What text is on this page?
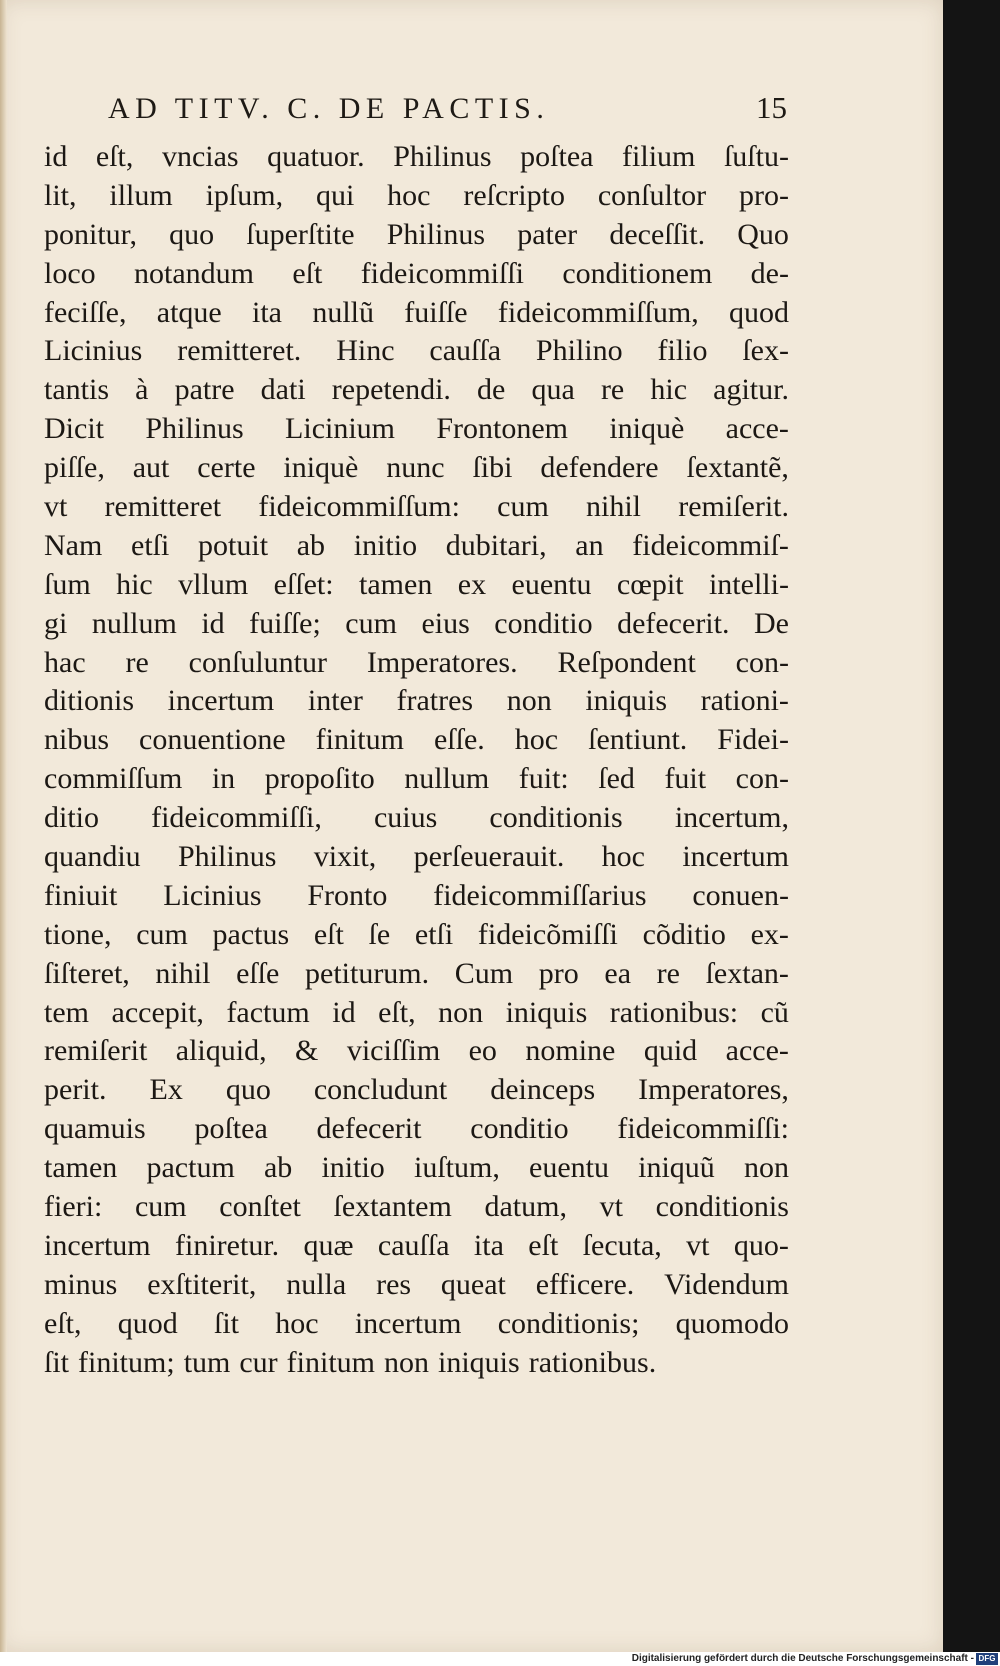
AD TITV. C. DE PACTIS.	15
id eſt, vncias quatuor. Philinus poſtea filium ſuſtu-
lit, illum ipſum, qui hoc reſcripto conſultor pro-
ponitur, quo ſuperſtite Philinus pater deceſſit. Quo
loco notandum eſt fideicommiſſi conditionem de-
feciſſe, atque ita nullũ fuiſſe fideicommiſſum, quod
Licinius remitteret. Hinc cauſſa Philino filio ſex-
tantis à patre dati repetendi. de qua re hic agitur.
Dicit Philinus Licinium Frontonem iniquè acce-
piſſe, aut certe iniquè nunc ſibi defendere ſextantẽ,
vt remitteret fideicommiſſum: cum nihil remiſerit.
Nam etſi potuit ab initio dubitari, an fideicommiſ-
ſum hic vllum eſſet: tamen ex euentu cœpit intelli-
gi nullum id fuiſſe; cum eius conditio defecerit. De
hac re conſuluntur Imperatores. Reſpondent con-
ditionis incertum inter fratres non iniquis rationi-
nibus conuentione finitum eſſe. hoc ſentiunt. Fidei-
commiſſum in propoſito nullum fuit: ſed fuit con-
ditio fideicommiſſi, cuius conditionis incertum,
quandiu Philinus vixit, perſeuerauit. hoc incertum
finiuit Licinius Fronto fideicommiſſarius conuen-
tione, cum pactus eſt ſe etſi fideicõmiſſi cõditio ex-
ſiſteret, nihil eſſe petiturum. Cum pro ea re ſextan-
tem accepit, factum id eſt, non iniquis rationibus: cũ
remiſerit aliquid, & viciſſim eo nomine quid acce-
perit. Ex quo concludunt deinceps Imperatores,
quamuis poſtea defecerit conditio fideicommiſſi:
tamen pactum ab initio iuſtum, euentu iniquũ non
fieri: cum conſtet ſextantem datum, vt conditionis
incertum finiretur. quæ cauſſa ita eſt ſecuta, vt quo-
minus exſtiterit, nulla res queat efficere. Videndum
eſt, quod ſit hoc incertum conditionis; quomodo
ſit finitum; tum cur finitum non iniquis rationibus.
Digitalisierung gefördert durch die Deutsche Forschungsgemeinschaft - DFG
